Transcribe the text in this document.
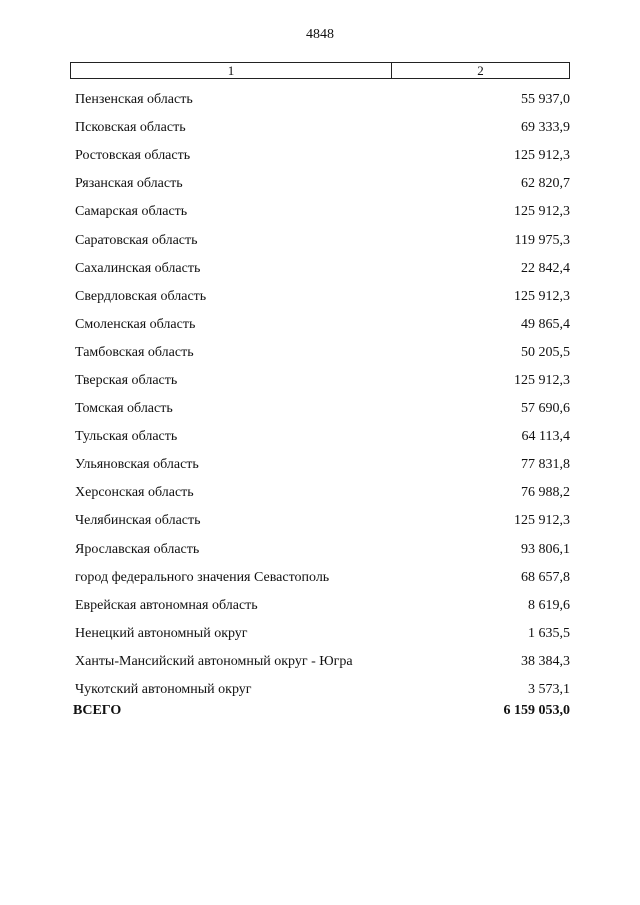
4848
1	2
Пензенская область	55 937,0
Псковская область	69 333,9
Ростовская область	125 912,3
Рязанская область	62 820,7
Самарская область	125 912,3
Саратовская область	119 975,3
Сахалинская область	22 842,4
Свердловская область	125 912,3
Смоленская область	49 865,4
Тамбовская область	50 205,5
Тверская область	125 912,3
Томская область	57 690,6
Тульская область	64 113,4
Ульяновская область	77 831,8
Херсонская область	76 988,2
Челябинская область	125 912,3
Ярославская область	93 806,1
город федерального значения Севастополь	68 657,8
Еврейская автономная область	8 619,6
Ненецкий автономный округ	1 635,5
Ханты-Мансийский автономный округ - Югра	38 384,3
Чукотский автономный округ	3 573,1
ВСЕГО	6 159 053,0
